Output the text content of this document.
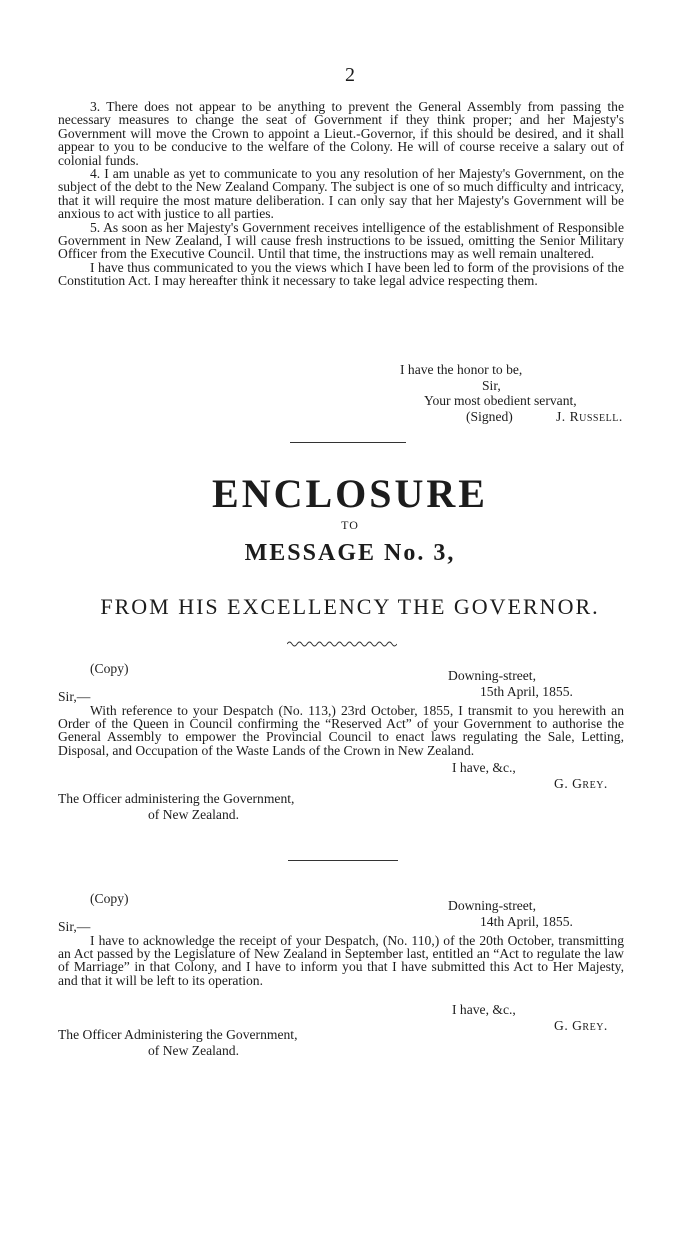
2

3. There does not appear to be anything to prevent the General Assembly from passing the necessary measures to change the seat of Government if they think proper; and her Majesty's Government will move the Crown to appoint a Lieut.-Governor, if this should be desired, and it shall appear to you to be conducive to the welfare of the Colony. He will of course receive a salary out of colonial funds.

4. I am unable as yet to communicate to you any resolution of her Majesty's Government, on the subject of the debt to the New Zealand Company. The subject is one of so much difficulty and intricacy, that it will require the most mature deliberation. I can only say that her Majesty's Government will be anxious to act with justice to all parties.

5. As soon as her Majesty's Government receives intelligence of the establishment of Responsible Government in New Zealand, I will cause fresh instructions to be issued, omitting the Senior Military Officer from the Executive Council. Until that time, the instructions may as well remain unaltered.

I have thus communicated to you the views which I have been led to form of the provisions of the Constitution Act. I may hereafter think it necessary to take legal advice respecting them.

I have the honor to be,
Sir,
Your most obedient servant,
(Signed)	J. Russell.
ENCLOSURE
TO
MESSAGE No. 3,
FROM HIS EXCELLENCY THE GOVERNOR.
(Copy)	Downing-street,
15th April, 1855.
Sir,—

With reference to your Despatch (No. 113,) 23rd October, 1855, I transmit to you herewith an Order of the Queen in Council confirming the “Reserved Act” of your Government to authorise the General Assembly to empower the Provincial Council to enact laws regulating the Sale, Letting, Disposal, and Occupation of the Waste Lands of the Crown in New Zealand.

I have, &c.,
G. Grey.
The Officer administering the Government,
of New Zealand.
(Copy)	Downing-street,
14th April, 1855.
Sir,—

I have to acknowledge the receipt of your Despatch, (No. 110,) of the 20th October, transmitting an Act passed by the Legislature of New Zealand in September last, entitled an “Act to regulate the law of Marriage” in that Colony, and I have to inform you that I have submitted this Act to Her Majesty, and that it will be left to its operation.

I have, &c.,
G. Grey.
The Officer Administering the Government,
of New Zealand.
